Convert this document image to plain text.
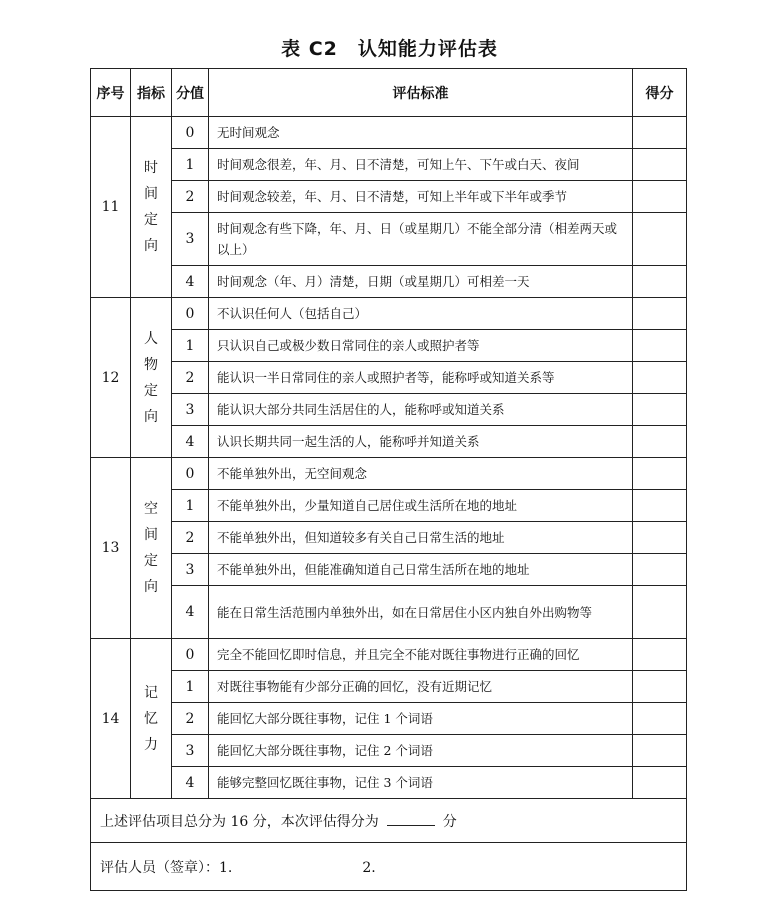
表 C2　认知能力评估表
序号	指标	分值	评估标准	得分
11	时间定向	0	无时间观念	
		1	时间观念很差，年、月、日不清楚，可知上午、下午或白天、夜间	
		2	时间观念较差，年、月、日不清楚，可知上半年或下半年或季节	
		3	时间观念有些下降，年、月、日（或星期几）不能全部分清（相差两天或以上）	
		4	时间观念（年、月）清楚，日期（或星期几）可相差一天	
12	人物定向	0	不认识任何人（包括自己）	
		1	只认识自己或极少数日常同住的亲人或照护者等	
		2	能认识一半日常同住的亲人或照护者等，能称呼或知道关系等	
		3	能认识大部分共同生活居住的人，能称呼或知道关系	
		4	认识长期共同一起生活的人，能称呼并知道关系	
13	空间定向	0	不能单独外出，无空间观念	
		1	不能单独外出，少量知道自己居住或生活所在地的地址	
		2	不能单独外出，但知道较多有关自己日常生活的地址	
		3	不能单独外出，但能准确知道自己日常生活所在地的地址	
		4	能在日常生活范围内单独外出，如在日常居住小区内独自外出购物等	
14	记忆力	0	完全不能回忆即时信息，并且完全不能对既往事物进行正确的回忆	
		1	对既往事物能有少部分正确的回忆，没有近期记忆	
		2	能回忆大部分既往事物，记住 1 个词语	
		3	能回忆大部分既往事物，记住 2 个词语	
		4	能够完整回忆既往事物，记住 3 个词语	
上述评估项目总分为 16 分，本次评估得分为 分				
评估人员（签章）：1. 2.				
